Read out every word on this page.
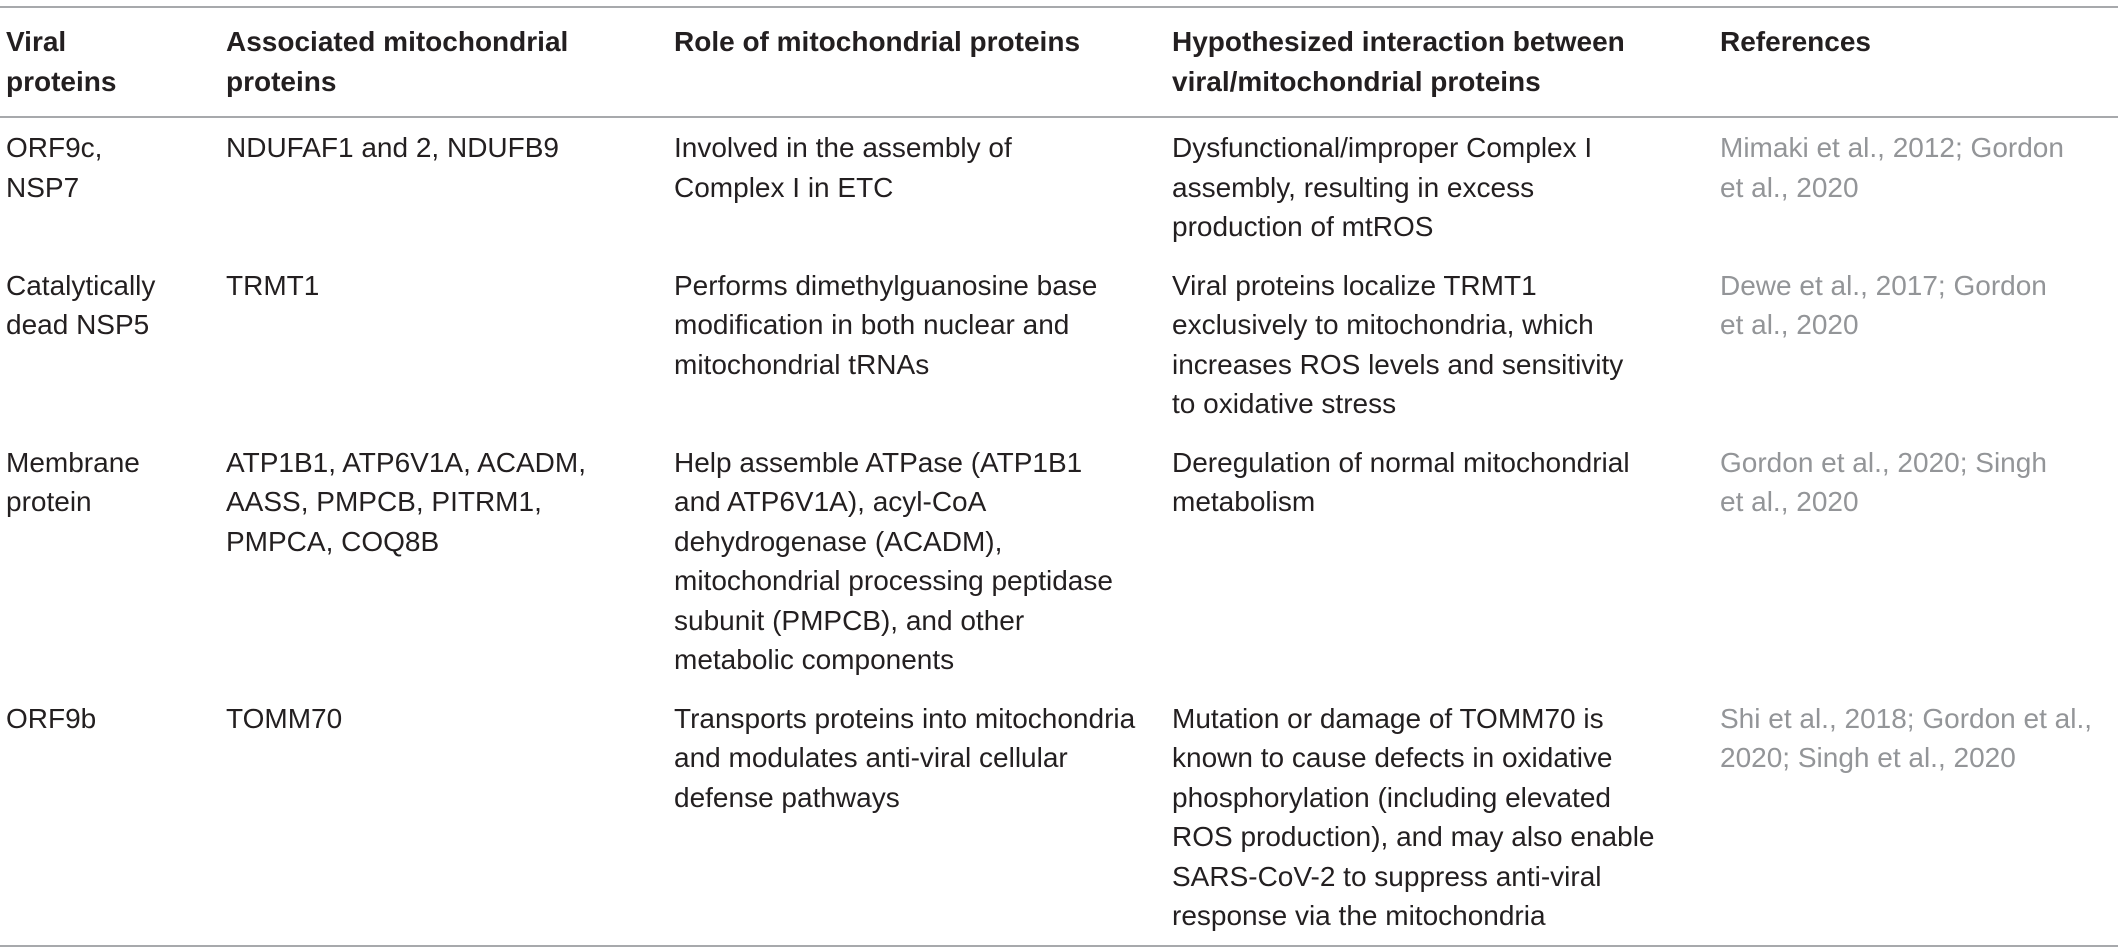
Viral proteins	Associated mitochondrial proteins	Role of mitochondrial proteins	Hypothesized interaction between viral/mitochondrial proteins	References
ORF9c, NSP7	NDUFAF1 and 2, NDUFB9	Involved in the assembly of Complex I in ETC	Dysfunctional/improper Complex I assembly, resulting in excess production of mtROS	Mimaki et al., 2012; Gordon et al., 2020
Catalytically dead NSP5	TRMT1	Performs dimethylguanosine base modification in both nuclear and mitochondrial tRNAs	Viral proteins localize TRMT1 exclusively to mitochondria, which increases ROS levels and sensitivity to oxidative stress	Dewe et al., 2017; Gordon et al., 2020
Membrane protein	ATP1B1, ATP6V1A, ACADM, AASS, PMPCB, PITRM1, PMPCA, COQ8B	Help assemble ATPase (ATP1B1 and ATP6V1A), acyl-CoA dehydrogenase (ACADM), mitochondrial processing peptidase subunit (PMPCB), and other metabolic components	Deregulation of normal mitochondrial metabolism	Gordon et al., 2020; Singh et al., 2020
ORF9b	TOMM70	Transports proteins into mitochondria and modulates anti-viral cellular defense pathways	Mutation or damage of TOMM70 is known to cause defects in oxidative phosphorylation (including elevated ROS production), and may also enable SARS-CoV-2 to suppress anti-viral response via the mitochondria	Shi et al., 2018; Gordon et al., 2020; Singh et al., 2020
